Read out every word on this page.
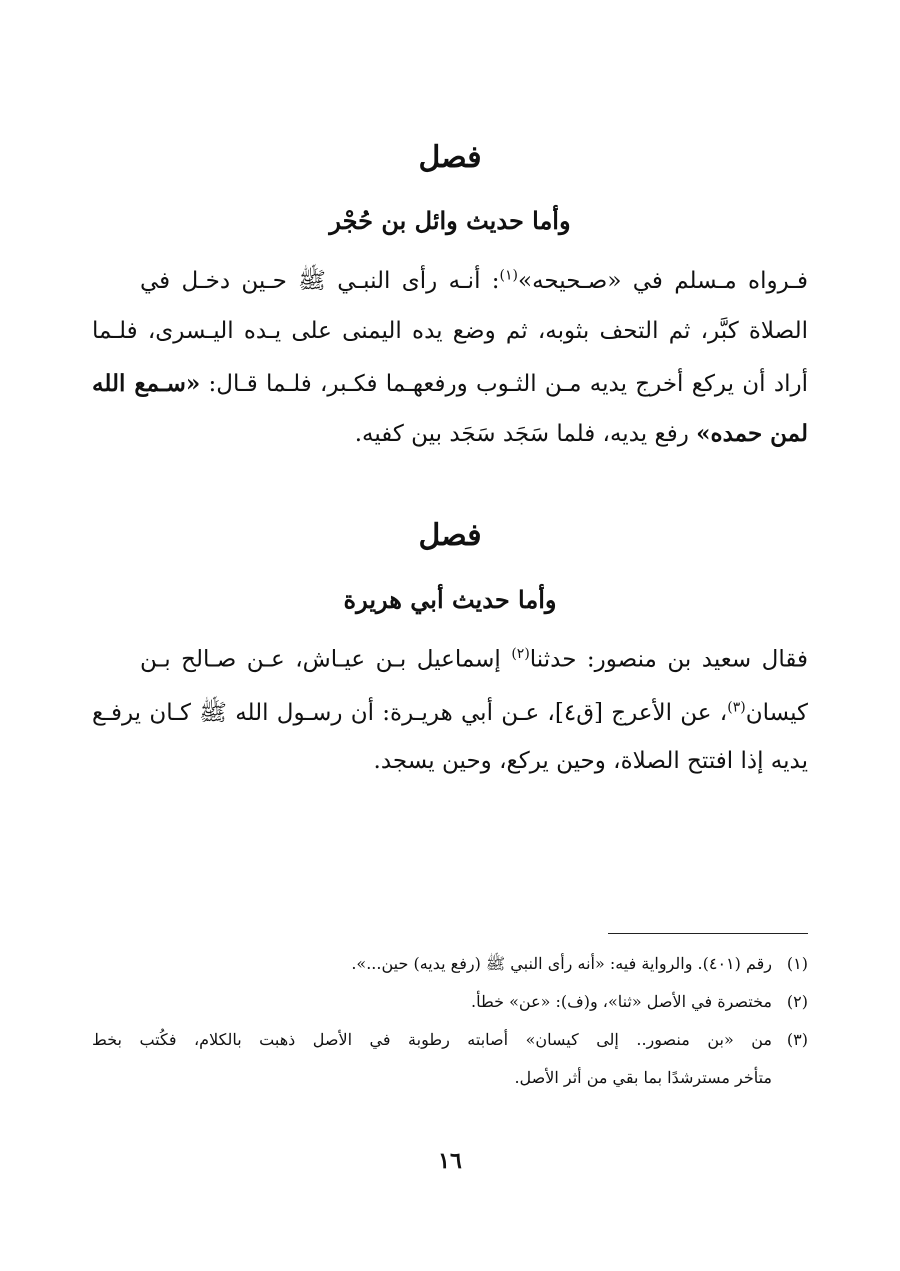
فصل
وأما حديث وائل بن حُجْر
فـرواه مـسلم في «صـحيحه»$^{(١)}$: أنـه رأى النبـي ﷺ حـين دخـل في
الصلاة كبَّر، ثم التحف بثوبه، ثم وضع يده اليمنى على يـده اليـسرى، فلـما
أراد أن يركع أخرج يديه مـن الثـوب ورفعهـما فكـبر، فلـما قـال: «سـمع الله
لمن حمده» رفع يديه، فلما سَجَد سَجَد بين كفيه.
فصل
وأما حديث أبي هريرة
فقال سعيد بن منصور: حدثنا$^{(٢)}$ إسماعيل بـن عيـاش، عـن صـالح بـن
كيسان$^{(٣)}$، عن الأعرج [ق٤]، عـن أبي هريـرة: أن رسـول الله ﷺ كـان يرفـع
يديه إذا افتتح الصلاة، وحين يركع، وحين يسجد.
(١)رقم (٤٠١). والرواية فيه: «أنه رأى النبي ﷺ (رفع يديه) حين...».
(٢)مختصرة في الأصل «ثنا»، و(ف): «عن» خطأ.
(٣)من «بن منصور.. إلى كيسان» أصابته رطوبة في الأصل ذهبت بالكلام، فكُتب بخط
متأخر مسترشدًا بما بقي من أثر الأصل.
١٦
